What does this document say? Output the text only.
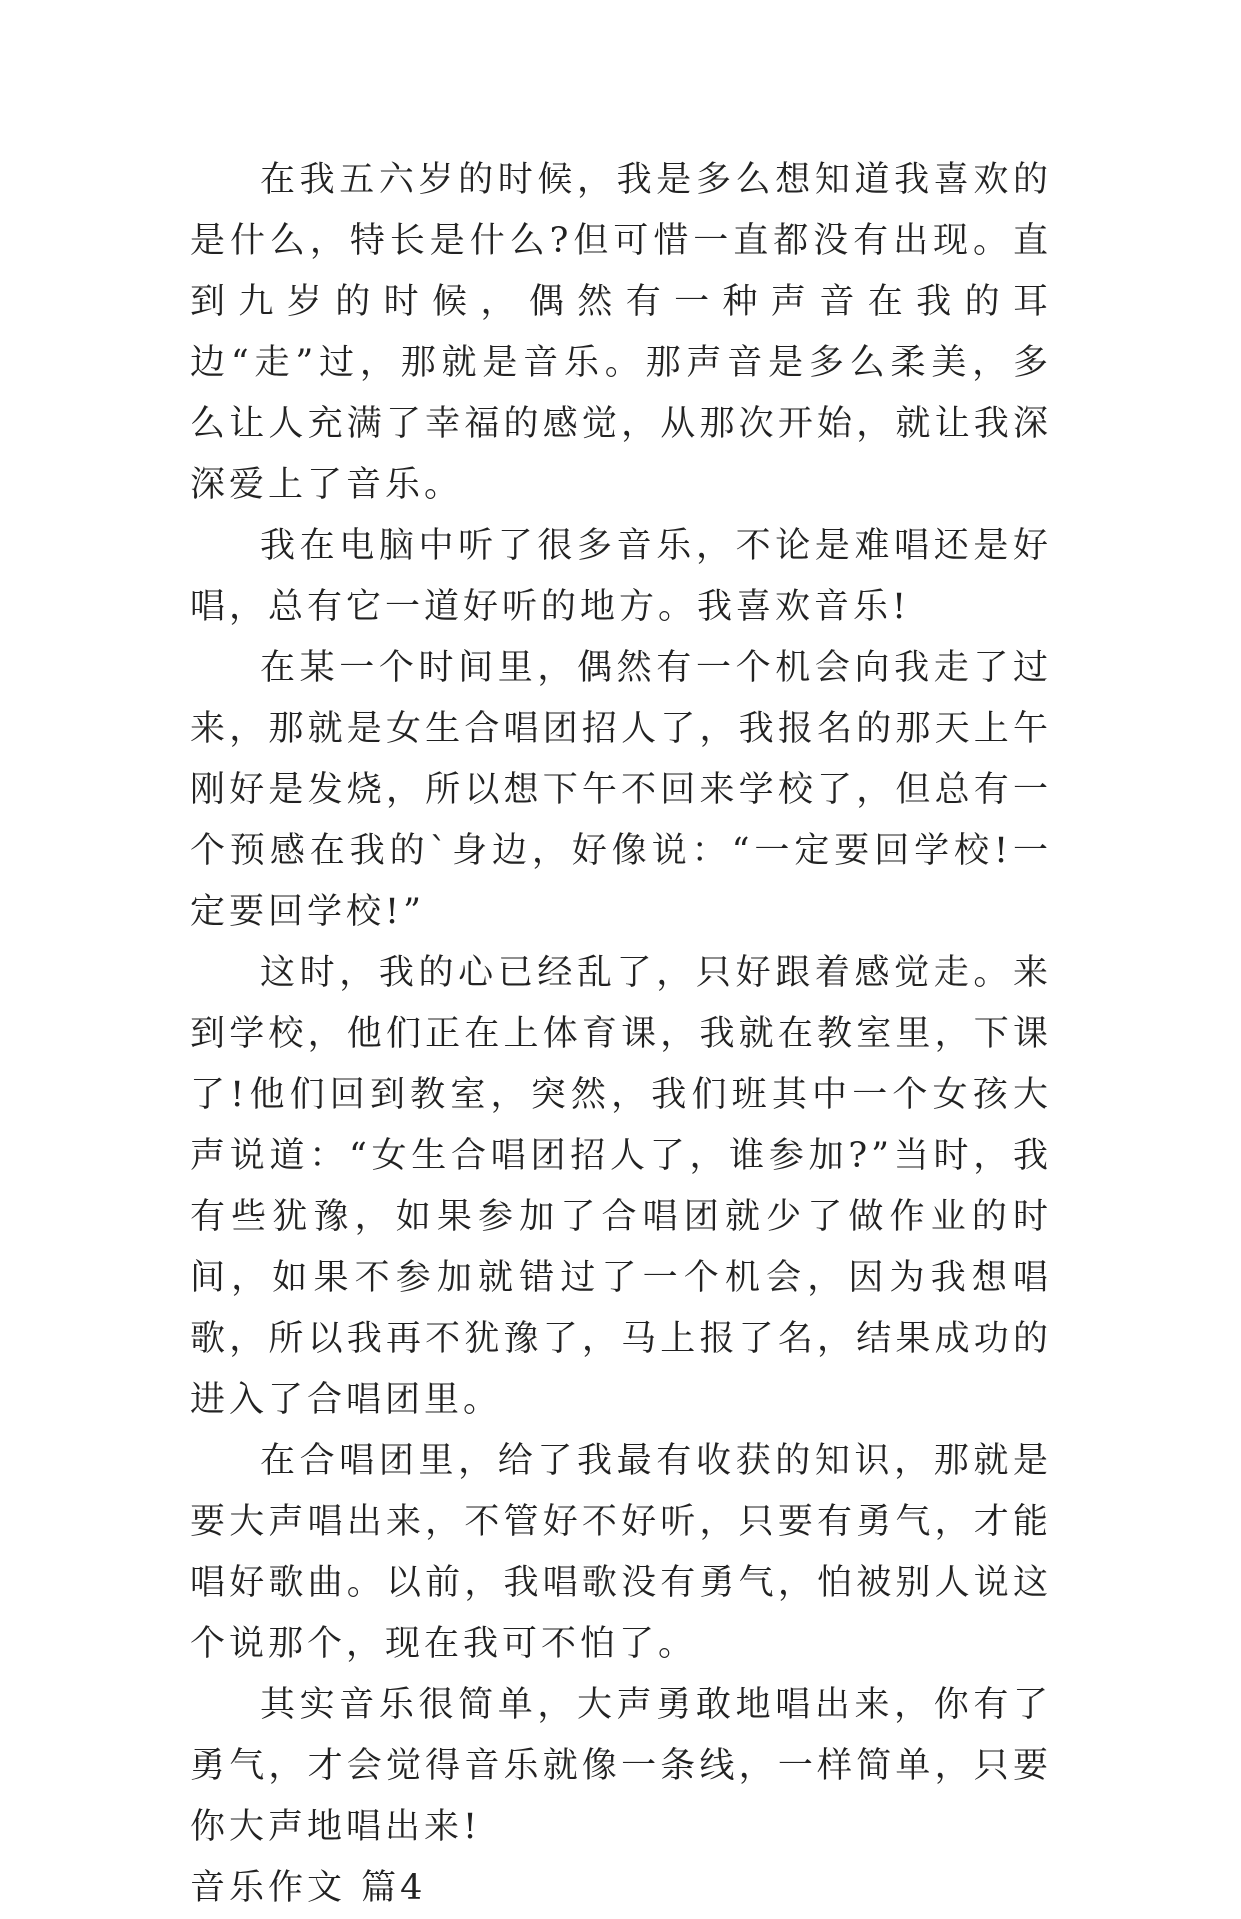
在我五六岁的时候，我是多么想知道我喜欢的是什么，特长是什么?但可惜一直都没有出现。直到九岁的时候，偶然有一种声音在我的耳边“走”过，那就是音乐。那声音是多么柔美，多么让人充满了幸福的感觉，从那次开始，就让我深深爱上了音乐。

我在电脑中听了很多音乐，不论是难唱还是好唱，总有它一道好听的地方。我喜欢音乐!

在某一个时间里，偶然有一个机会向我走了过来，那就是女生合唱团招人了，我报名的那天上午刚好是发烧，所以想下午不回来学校了，但总有一个预感在我的`身边，好像说：“一定要回学校!一定要回学校!”

这时，我的心已经乱了，只好跟着感觉走。来到学校，他们正在上体育课，我就在教室里，下课了!他们回到教室，突然，我们班其中一个女孩大声说道：“女生合唱团招人了，谁参加?”当时，我有些犹豫，如果参加了合唱团就少了做作业的时间，如果不参加就错过了一个机会，因为我想唱歌，所以我再不犹豫了，马上报了名，结果成功的进入了合唱团里。

在合唱团里，给了我最有收获的知识，那就是要大声唱出来，不管好不好听，只要有勇气，才能唱好歌曲。以前，我唱歌没有勇气，怕被别人说这个说那个，现在我可不怕了。

其实音乐很简单，大声勇敢地唱出来，你有了勇气，才会觉得音乐就像一条线，一样简单，只要你大声地唱出来!

音乐作文 篇4
